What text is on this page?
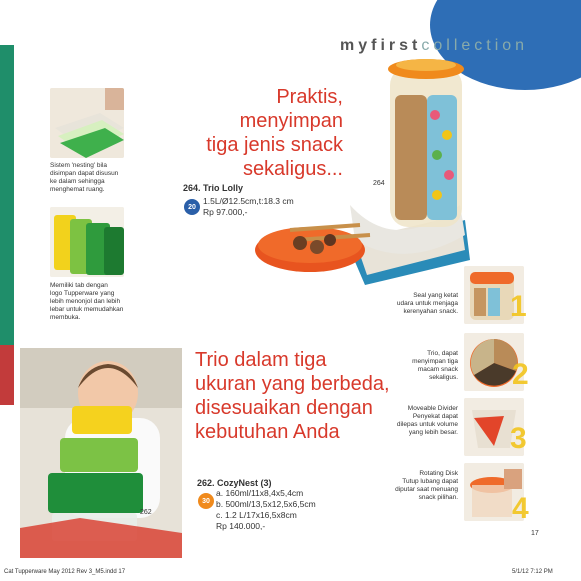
myfirstcollection
264
Praktis,
menyimpan
tiga jenis snack
sekaligus...
264. Trio Lolly
20
1.5L/Ø12.5cm,t:18.3 cm
Rp 97.000,-
Sistem 'nesting' bila
disimpan dapat disusun
ke dalam sehingga
menghemat ruang.
Memiliki tab dengan
logo Tupperware yang
lebih menonjol dan lebih
lebar untuk memudahkan
membuka.
262
Trio dalam tiga
ukuran yang berbeda,
disesuaikan dengan
kebutuhan Anda
262. CozyNest (3)
30
a. 160ml/11x8,4x5,4cm
b. 500ml/13,5x12,5x6,5cm
c. 1.2 L/17x16,5x8cm
Rp 140.000,-
Seal yang ketat
udara untuk menjaga
kerenyahan snack. 1
Trio, dapat
menyimpan tiga
macam snack
sekaligus. 2
Moveable Divider
Penyekat dapat
dilepas untuk volume
yang lebih besar. 3
Rotating Disk
Tutup lubang dapat
diputar saat menuang
snack pilihan. 4
17
Cat Tupperware May 2012 Rev 3_M5.indd 17	5/1/12 7:12 PM
